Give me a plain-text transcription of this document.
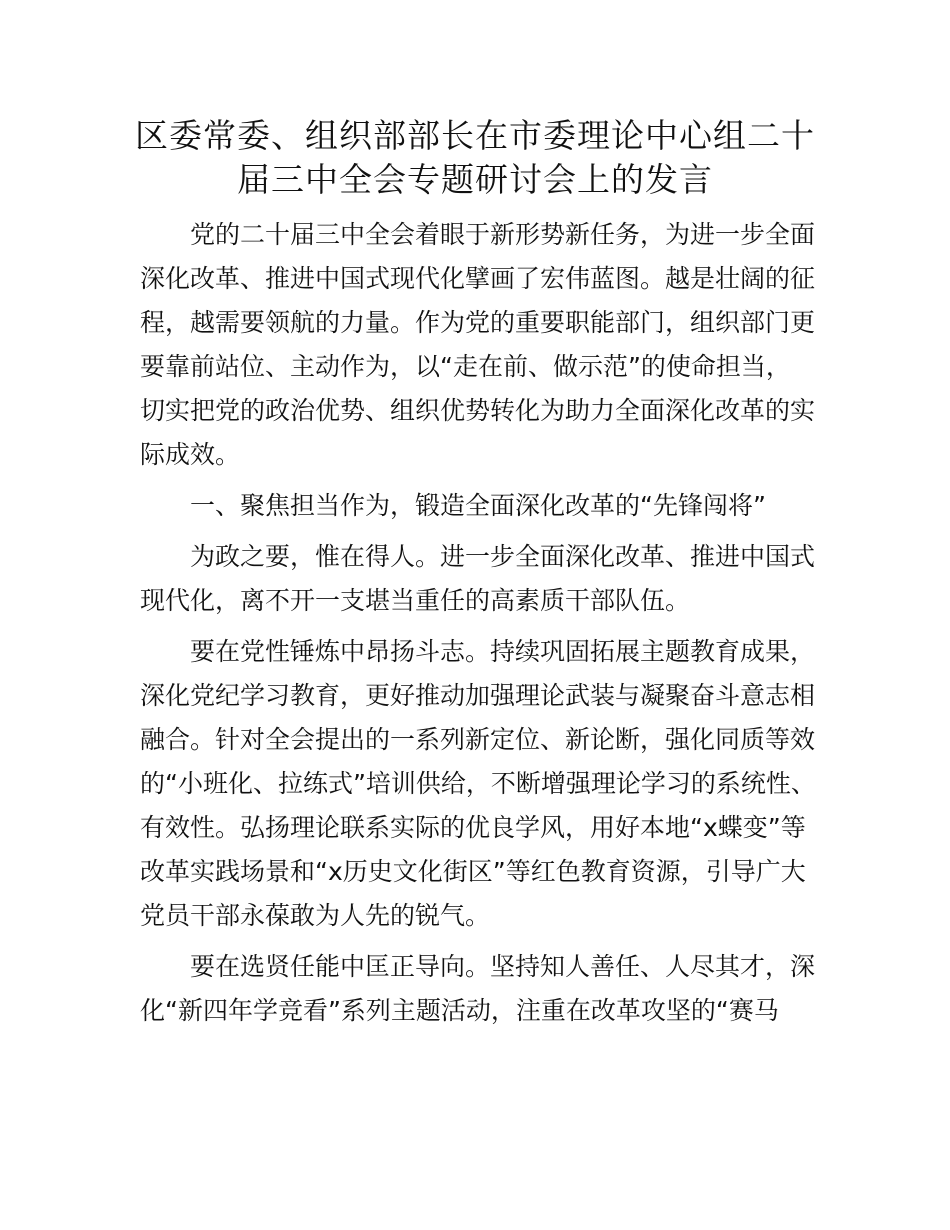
区委常委、组织部部长在市委理论中心组二十
届三中全会专题研讨会上的发言

党的二十届三中全会着眼于新形势新任务，为进一步全面

深化改革、推进中国式现代化擘画了宏伟蓝图。越是壮阔的征

程，越需要领航的力量。作为党的重要职能部门，组织部门更

要靠前站位、主动作为，以“走在前、做示范”的使命担当，

切实把党的政治优势、组织优势转化为助力全面深化改革的实

际成效。

一、聚焦担当作为，锻造全面深化改革的“先锋闯将”

为政之要，惟在得人。进一步全面深化改革、推进中国式

现代化，离不开一支堪当重任的高素质干部队伍。

要在党性锤炼中昂扬斗志。持续巩固拓展主题教育成果，

深化党纪学习教育，更好推动加强理论武装与凝聚奋斗意志相

融合。针对全会提出的一系列新定位、新论断，强化同质等效

的“小班化、拉练式”培训供给，不断增强理论学习的系统性、

有效性。弘扬理论联系实际的优良学风，用好本地“x蝶变”等

改革实践场景和“x历史文化街区”等红色教育资源，引导广大

党员干部永葆敢为人先的锐气。

要在选贤任能中匡正导向。坚持知人善任、人尽其才，深

化“新四年学竞看”系列主题活动，注重在改革攻坚的“赛马
